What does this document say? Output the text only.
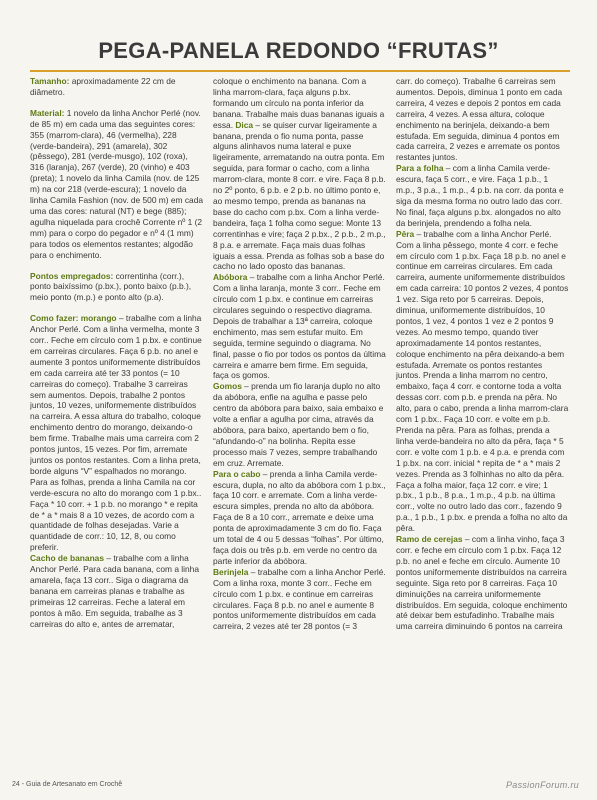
PEGA-PANELA REDONDO “FRUTAS”

Tamanho: aproximadamente 22 cm de diâmetro.

Material: 1 novelo da linha Anchor Perlé (nov. de 85 m) em cada uma das seguintes cores: 355 (marrom-clara), 46 (vermelha), 228 (verde-bandeira), 291 (amarela), 302 (pêssego), 281 (verde-musgo), 102 (roxa), 316 (laranja), 267 (verde), 20 (vinho) e 403 (preta); 1 novelo da linha Camila (nov. de 125 m) na cor 218 (verde-escura); 1 novelo da linha Camila Fashion (nov. de 500 m) em cada uma das cores: natural (NT) e bege (885); agulha niquelada para crochê Corrente nº 1 (2 mm) para o corpo do pegador e nº 4 (1 mm) para todos os elementos restantes; algodão para o enchimento.

Pontos empregados: correntinha (corr.), ponto baixíssimo (p.bx.), ponto baixo (p.b.), meio ponto (m.p.) e ponto alto (p.a).

Como fazer: morango – trabalhe com a linha Anchor Perlé. Com a linha vermelha, monte 3 corr.. Feche em círculo com 1 p.bx. e continue em carreiras circulares. Faça 6 p.b. no anel e aumente 3 pontos uniformemente distribuídos em cada carreira até ter 33 pontos (= 10 carreiras do começo). Trabalhe 3 carreiras sem aumentos. Depois, trabalhe 2 pontos juntos, 10 vezes, uniformemente distribuídos na carreira. A essa altura do trabalho, coloque enchimento dentro do morango, deixando-o bem firme. Trabalhe mais uma carreira com 2 pontos juntos, 15 vezes. Por fim, arremate juntos os pontos restantes. Com a linha preta, borde alguns “V” espalhados no morango. Para as folhas, prenda a linha Camila na cor verde-escura no alto do morango com 1 p.bx.. Faça * 10 corr. + 1 p.b. no morango * e repita de * a * mais 8 a 10 vezes, de acordo com a quantidade de folhas desejadas. Varie a quantidade de corr.: 10, 12, 8, ou como preferir.

Cacho de bananas – trabalhe com a linha Anchor Perlé. Para cada banana, com a linha amarela, faça 13 corr.. Siga o diagrama da banana em carreiras planas e trabalhe as primeiras 12 carreiras. Feche a lateral em pontos à mão. Em seguida, trabalhe as 3 carreiras do alto e, antes de arrematar,

coloque o enchimento na banana. Com a linha marrom-clara, faça alguns p.bx. formando um círculo na ponta inferior da banana. Trabalhe mais duas bananas iguais a essa. Dica – se quiser curvar ligeiramente a banana, prenda o fio numa ponta, passe alguns alinhavos numa lateral e puxe ligeiramente, arrematando na outra ponta. Em seguida, para formar o cacho, com a linha marrom-clara, monte 8 corr. e vire. Faça 8 p.b. no 2º ponto, 6 p.b. e 2 p.b. no último ponto e, ao mesmo tempo, prenda as bananas na base do cacho com p.bx. Com a linha verde-bandeira, faça 1 folha como segue: Monte 13 correntinhas e vire; faça 2 p.bx., 2 p.b., 2 m.p., 8 p.a. e arremate. Faça mais duas folhas iguais a essa. Prenda as folhas sob a base do cacho no lado oposto das bananas.

Abóbora – trabalhe com a linha Anchor Perlé. Com a linha laranja, monte 3 corr.. Feche em círculo com 1 p.bx. e continue em carreiras circulares seguindo o respectivo diagrama. Depois de trabalhar a 13ª carreira, coloque enchimento, mas sem estufar muito. Em seguida, termine seguindo o diagrama. No final, passe o fio por todos os pontos da última carreira e amarre bem firme. Em seguida, faça os gomos.

Gomos – prenda um fio laranja duplo no alto da abóbora, enfie na agulha e passe pelo centro da abóbora para baixo, saia embaixo e volte a enfiar a agulha por cima, através da abóbora, para baixo, apertando bem o fio, “afundando-o” na bolinha. Repita esse processo mais 7 vezes, sempre trabalhando em cruz. Arremate.

Para o cabo – prenda a linha Camila verde-escura, dupla, no alto da abóbora com 1 p.bx., faça 10 corr. e arremate. Com a linha verde-escura simples, prenda no alto da abóbora. Faça de 8 a 10 corr., arremate e deixe uma ponta de aproximadamente 3 cm do fio. Faça um total de 4 ou 5 dessas “folhas”. Por último, faça dois ou três p.b. em verde no centro da parte inferior da abóbora.

Berinjela – trabalhe com a linha Anchor Perlé. Com a linha roxa, monte 3 corr.. Feche em círculo com 1 p.bx. e continue em carreiras circulares. Faça 8 p.b. no anel e aumente 8 pontos uniformemente distribuídos em cada carreira, 2 vezes até ter 28 pontos (= 3

carr. do começo). Trabalhe 6 carreiras sem aumentos. Depois, diminua 1 ponto em cada carreira, 4 vezes e depois 2 pontos em cada carreira, 4 vezes. A essa altura, coloque enchimento na berinjela, deixando-a bem estufada. Em seguida, diminua 4 pontos em cada carreira, 2 vezes e arremate os pontos restantes juntos.

Para a folha – com a linha Camila verde-escura, faça 5 corr., e vire. Faça 1 p.b., 1 m.p., 3 p.a., 1 m.p., 4 p.b. na corr. da ponta e siga da mesma forma no outro lado das corr. No final, faça alguns p.bx. alongados no alto da berinjela, prendendo a folha nela.

Pêra – trabalhe com a linha Anchor Perlé. Com a linha pêssego, monte 4 corr. e feche em círculo com 1 p.bx. Faça 18 p.b. no anel e continue em carreiras circulares. Em cada carreira, aumente uniformemente distribuídos em cada carreira: 10 pontos 2 vezes, 4 pontos 1 vez. Siga reto por 5 carreiras. Depois, diminua, uniformemente distribuídos, 10 pontos, 1 vez, 4 pontos 1 vez e 2 pontos 9 vezes. Ao mesmo tempo, quando tiver aproximadamente 14 pontos restantes, coloque enchimento na pêra deixando-a bem estufada. Arremate os pontos restantes juntos. Prenda a linha marrom no centro, embaixo, faça 4 corr. e contorne toda a volta dessas corr. com p.b. e prenda na pêra. No alto, para o cabo, prenda a linha marrom-clara com 1 p.bx.. Faça 10 corr. e volte em p.b. Prenda na pêra. Para as folhas, prenda a linha verde-bandeira no alto da pêra, faça * 5 corr. e volte com 1 p.b. e 4 p.a. e prenda com 1 p.bx. na corr. inicial * repita de * a * mais 2 vezes. Prenda as 3 folhinhas no alto da pêra. Faça a folha maior, faça 12 corr. e vire; 1 p.bx., 1 p.b., 8 p.a., 1 m.p., 4 p.b. na última corr., volte no outro lado das corr., fazendo 9 p.a., 1 p.b., 1 p.bx. e prenda a folha no alto da pêra.

Ramo de cerejas – com a linha vinho, faça 3 corr. e feche em círculo com 1 p.bx. Faça 12 p.b. no anel e feche em círculo. Aumente 10 pontos uniformemente distribuídos na carreira seguinte. Siga reto por 8 carreiras. Faça 10 diminuições na carreira uniformemente distribuídos. Em seguida, coloque enchimento até deixar bem estufadinho. Trabalhe mais uma carreira diminuindo 6 pontos na carreira

24 - Guia de Artesanato em Crochê	PassionForum.ru
